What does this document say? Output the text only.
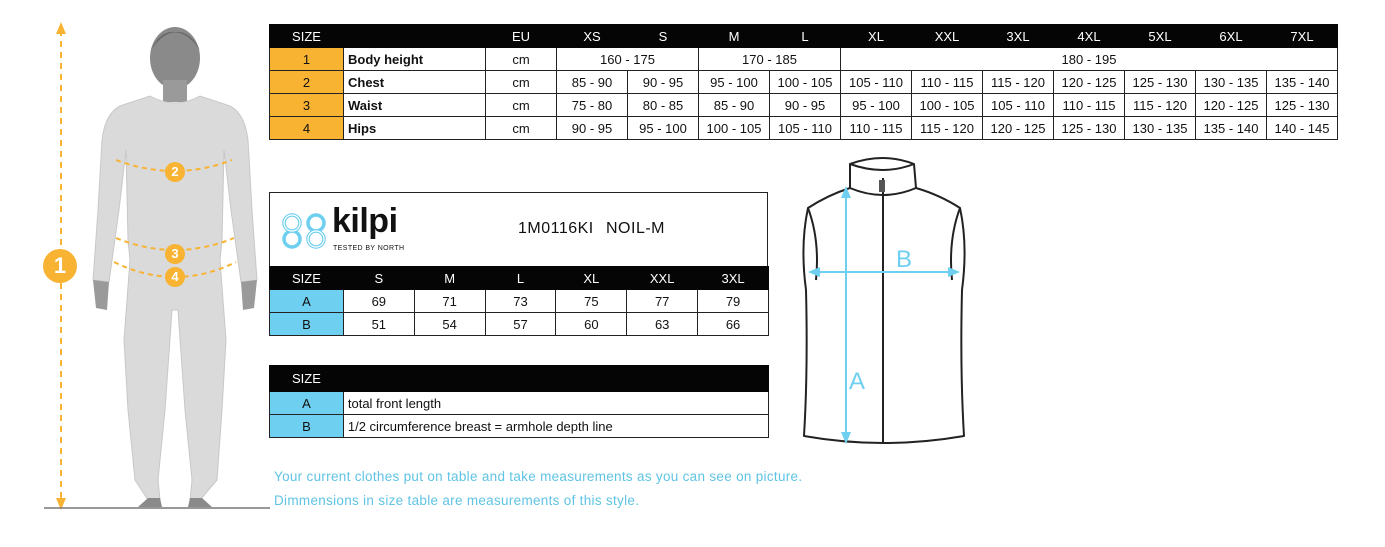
1
2
3
4
SIZE		EU	XS	S	M	L	XL	XXL	3XL	4XL	5XL	6XL	7XL
1	Body height	cm	160 - 175		170 - 185		180 - 195						
2	Chest	cm	85 - 90	90 - 95	95 - 100	100 - 105	105 - 110	110 - 115	115 - 120	120 - 125	125 - 130	130 - 135	135 - 140
3	Waist	cm	75 - 80	80 - 85	85 - 90	90 - 95	95 - 100	100 - 105	105 - 110	110 - 115	115 - 120	120 - 125	125 - 130
4	Hips	cm	90 - 95	95 - 100	100 - 105	105 - 110	110 - 115	115 - 120	120 - 125	125 - 130	130 - 135	135 - 140	140 - 145
kilpi
TESTED BY NORTH
1M0116KI NOIL-M
SIZE	S	M	L	XL	XXL	3XL
A	69	71	73	75	77	79
B	51	54	57	60	63	66
SIZE	
A	total front length
B	1/2 circumference breast = armhole depth line
Your current clothes put on table and take measurements as you can see on picture.
Dimmensions in size table are measurements of this style.
A
B
